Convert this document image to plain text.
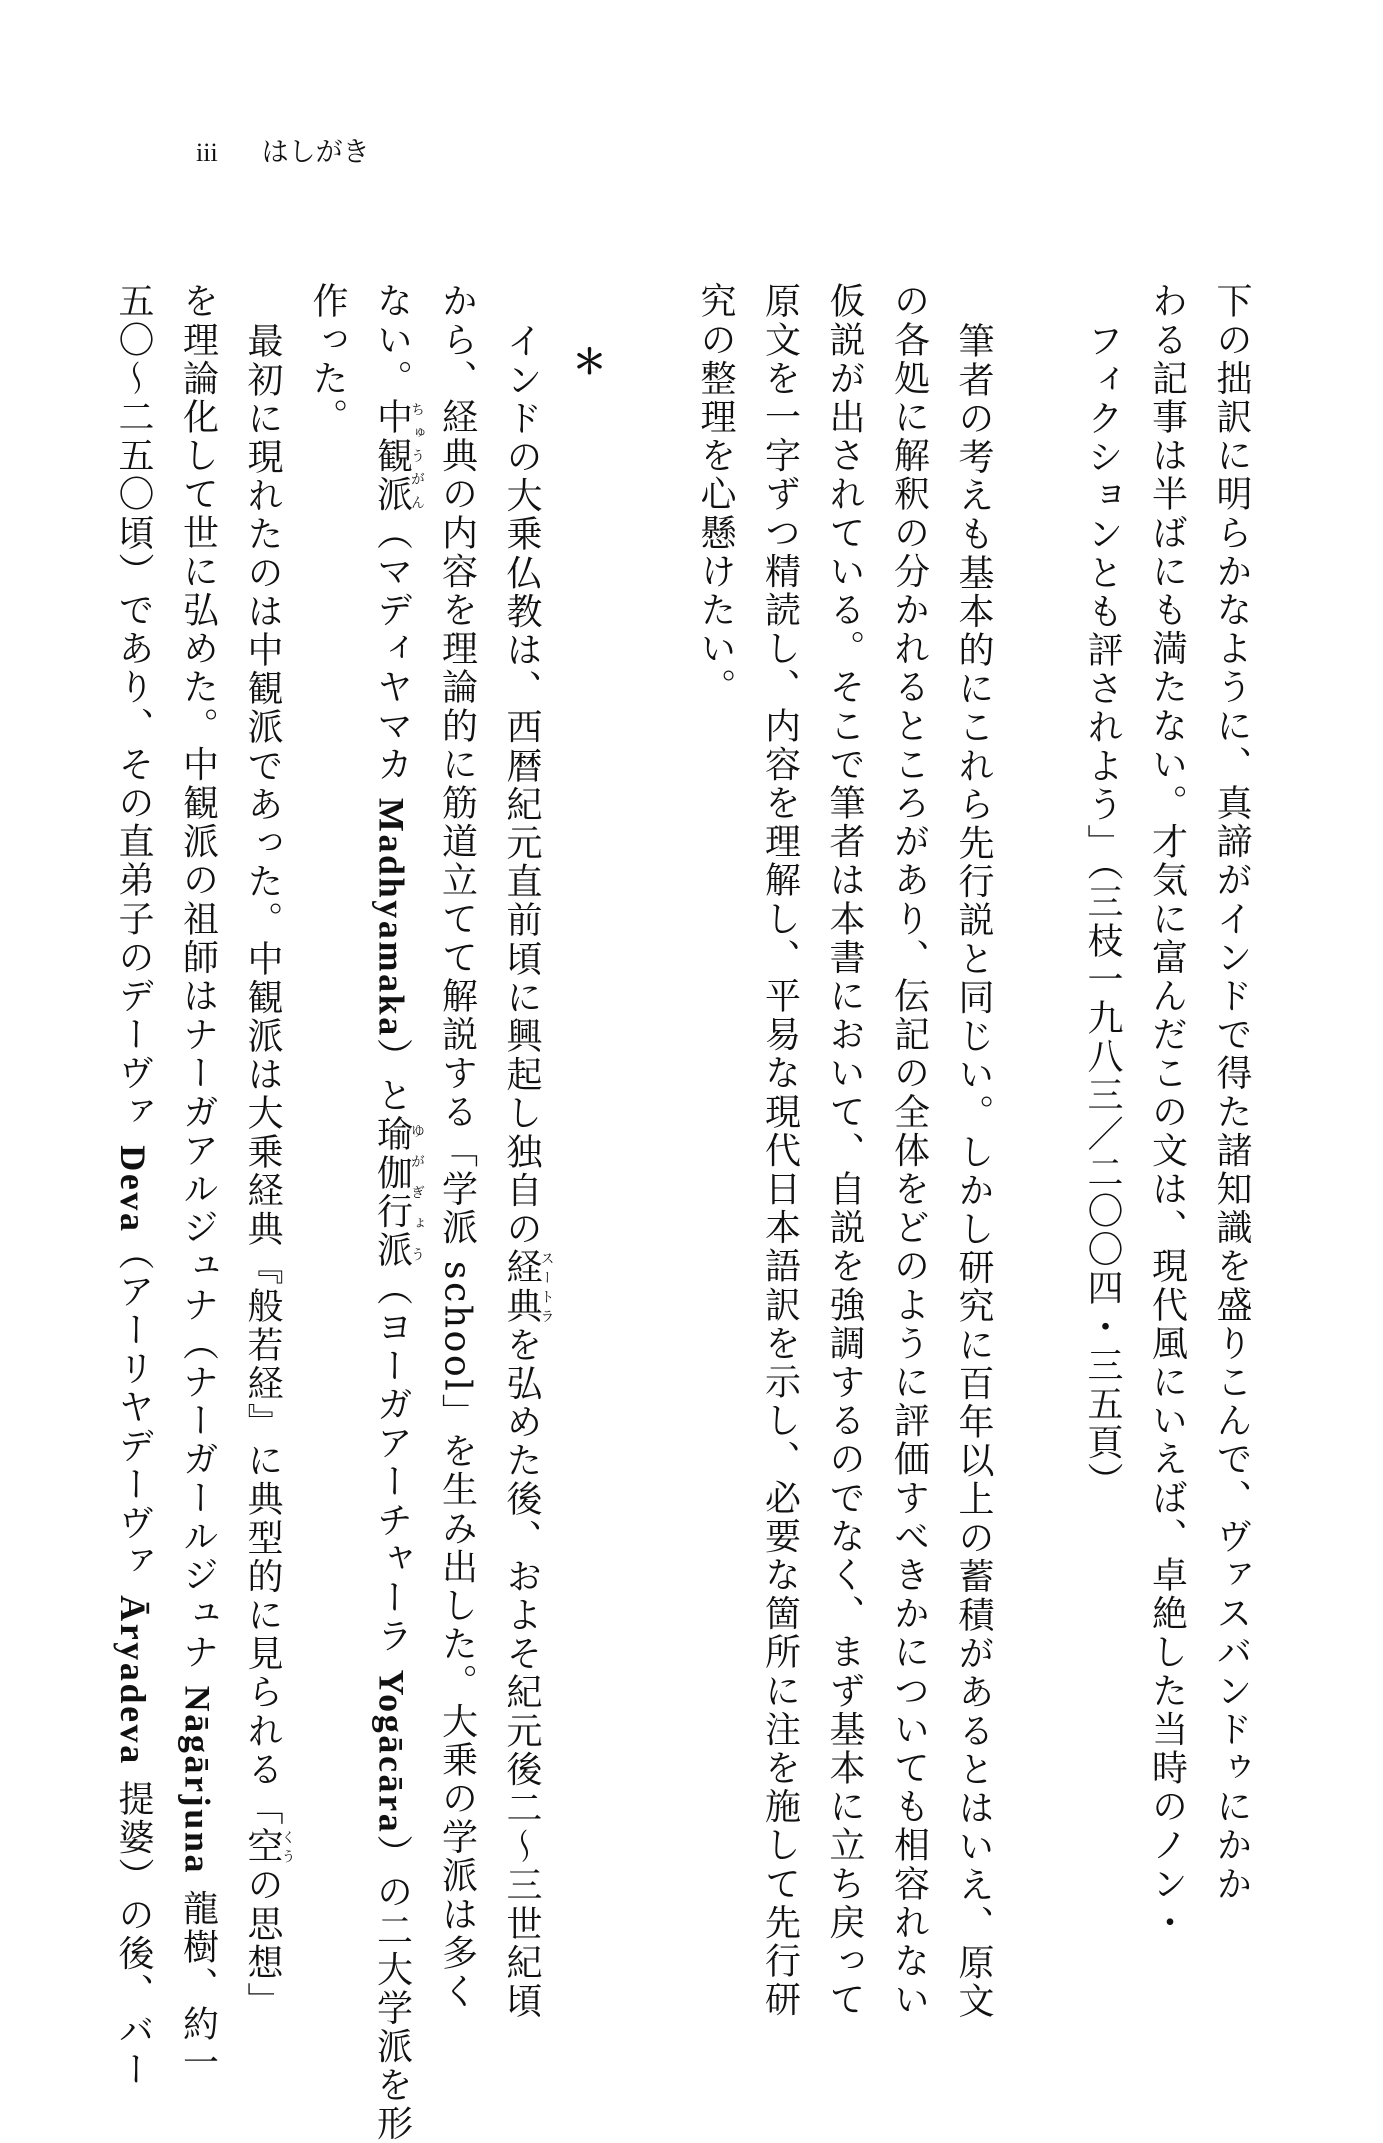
iii はしがき
下の拙訳に明らかなように、真諦がインドで得た諸知識を盛りこんで、ヴァスバンドゥにかか
わる記事は半ばにも満たない。才気に富んだこの文は、現代風にいえば、卓絶した当時のノン・
フィクションとも評されよう」（三枝一九八三／二〇〇四・三五頁）

筆者の考えも基本的にこれら先行説と同じい。しかし研究に百年以上の蓄積があるとはいえ、原文
の各処に解釈の分かれるところがあり、伝記の全体をどのように評価すべきかについても相容れない
仮説が出されている。そこで筆者は本書において、自説を強調するのでなく、まず基本に立ち戻って
原文を一字ずつ精読し、内容を理解し、平易な現代日本語訳を示し、必要な箇所に注を施して先行研
究の整理を心懸けたい。

＊
インドの大乗仏教は、西暦紀元直前頃に興起し独自の経典スートラを弘めた後、およそ紀元後二～三世紀頃
から、経典の内容を理論的に筋道立てて解説する「学派 school」を生み出した。大乗の学派は多く
ない。中観派ちゅうがん（マディヤマカ Madhyamaka）と瑜伽行派ゆがぎょう（ヨーガアーチャーラ Yogācāra）の二大学派を形
作った。
最初に現れたのは中観派であった。中観派は大乗経典『般若経』に典型的に見られる「空くうの思想」
を理論化して世に弘めた。中観派の祖師はナーガアルジュナ（ナーガールジュナ Nāgārjuna 龍樹、約一
五〇～二五〇頃）であり、その直弟子のデーヴァ Deva（アーリヤデーヴァ Āryadeva 提婆）の後、バー
